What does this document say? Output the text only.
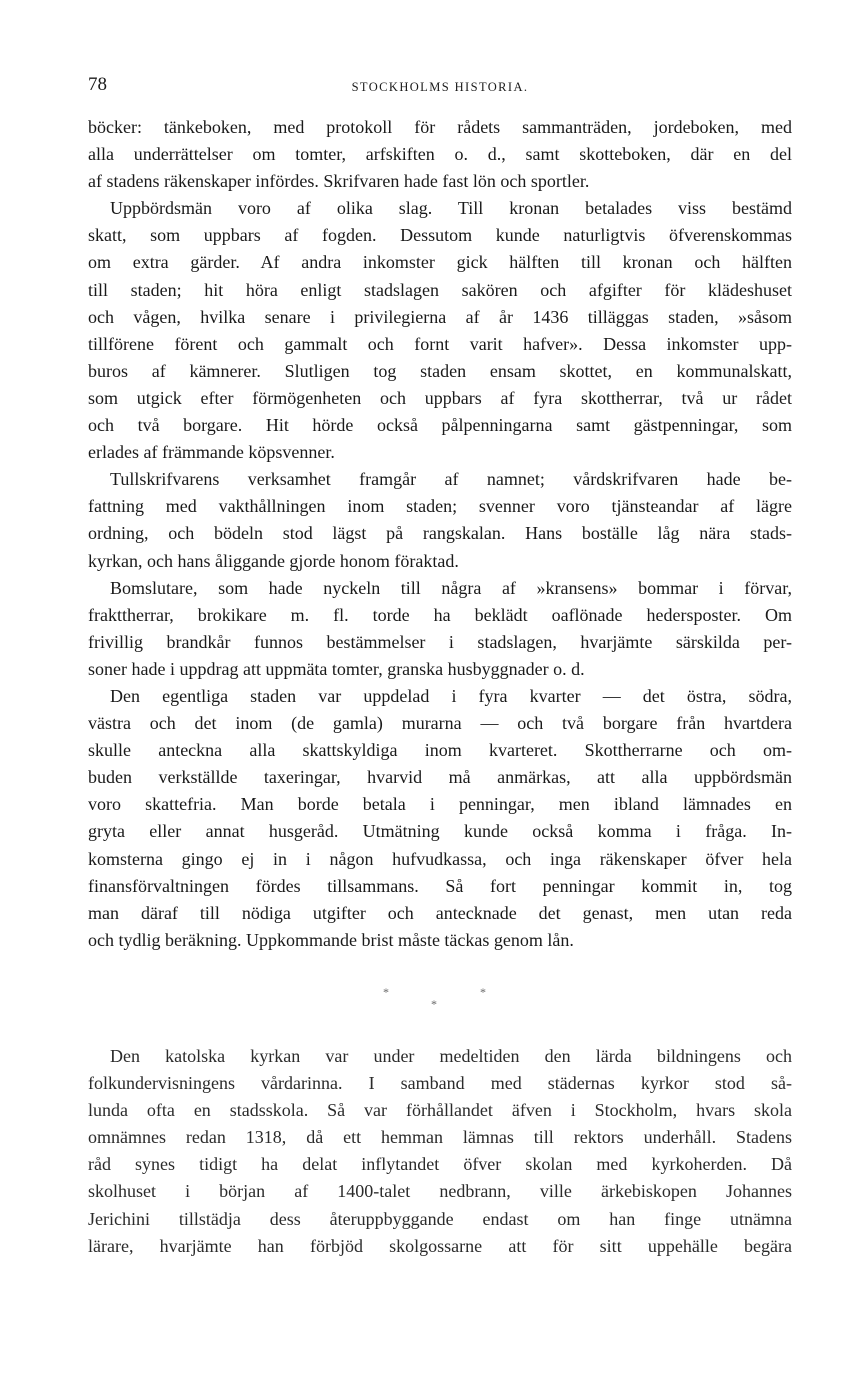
78	STOCKHOLMS HISTORIA.
böcker: tänkeboken, med protokoll för rådets sammanträden, jordeboken, med
alla underrättelser om tomter, arfskiften o. d., samt skotteboken, där en del
af stadens räkenskaper infördes. Skrifvaren hade fast lön och sportler.
Uppbördsmän voro af olika slag. Till kronan betalades viss bestämd
skatt, som uppbars af fogden. Dessutom kunde naturligtvis öfverenskommas
om extra gärder. Af andra inkomster gick hälften till kronan och hälften
till staden; hit höra enligt stadslagen sakören och afgifter för klädeshuset
och vågen, hvilka senare i privilegierna af år 1436 tilläggas staden, »såsom
tillförene förent och gammalt och fornt varit hafver». Dessa inkomster upp-
buros af kämnerer. Slutligen tog staden ensam skottet, en kommunalskatt,
som utgick efter förmögenheten och uppbars af fyra skottherrar, två ur rådet
och två borgare. Hit hörde också pålpenningarna samt gästpenningar, som
erlades af främmande köpsvenner.
Tullskrifvarens verksamhet framgår af namnet; vårdskrifvaren hade be-
fattning med vakthållningen inom staden; svenner voro tjänsteandar af lägre
ordning, och bödeln stod lägst på rangskalan. Hans boställe låg nära stads-
kyrkan, och hans åliggande gjorde honom föraktad.
Bomslutare, som hade nyckeln till några af »kransens» bommar i förvar,
frakttherrar, brokikare m. fl. torde ha beklädt oaflönade hedersposter. Om
frivillig brandkår funnos bestämmelser i stadslagen, hvarjämte särskilda per-
soner hade i uppdrag att uppmäta tomter, granska husbyggnader o. d.
Den egentliga staden var uppdelad i fyra kvarter — det östra, södra,
västra och det inom (de gamla) murarna — och två borgare från hvartdera
skulle anteckna alla skattskyldiga inom kvarteret. Skottherrarne och om-
buden verkställde taxeringar, hvarvid må anmärkas, att alla uppbördsmän
voro skattefria. Man borde betala i penningar, men ibland lämnades en
gryta eller annat husgeråd. Utmätning kunde också komma i fråga. In-
komsterna gingo ej in i någon hufvudkassa, och inga räkenskaper öfver hela
finansförvaltningen fördes tillsammans. Så fort penningar kommit in, tog
man däraf till nödiga utgifter och antecknade det genast, men utan reda
och tydlig beräkning. Uppkommande brist måste täckas genom lån.
*	*
*
Den katolska kyrkan var under medeltiden den lärda bildningens och
folkundervisningens vårdarinna. I samband med städernas kyrkor stod så-
lunda ofta en stadsskola. Så var förhållandet äfven i Stockholm, hvars skola
omnämnes redan 1318, då ett hemman lämnas till rektors underhåll. Stadens
råd synes tidigt ha delat inflytandet öfver skolan med kyrkoherden. Då
skolhuset i början af 1400-talet nedbrann, ville ärkebiskopen Johannes
Jerichini tillstädja dess återuppbyggande endast om han finge utnämna
lärare, hvarjämte han förbjöd skolgossarne att för sitt uppehälle begära
